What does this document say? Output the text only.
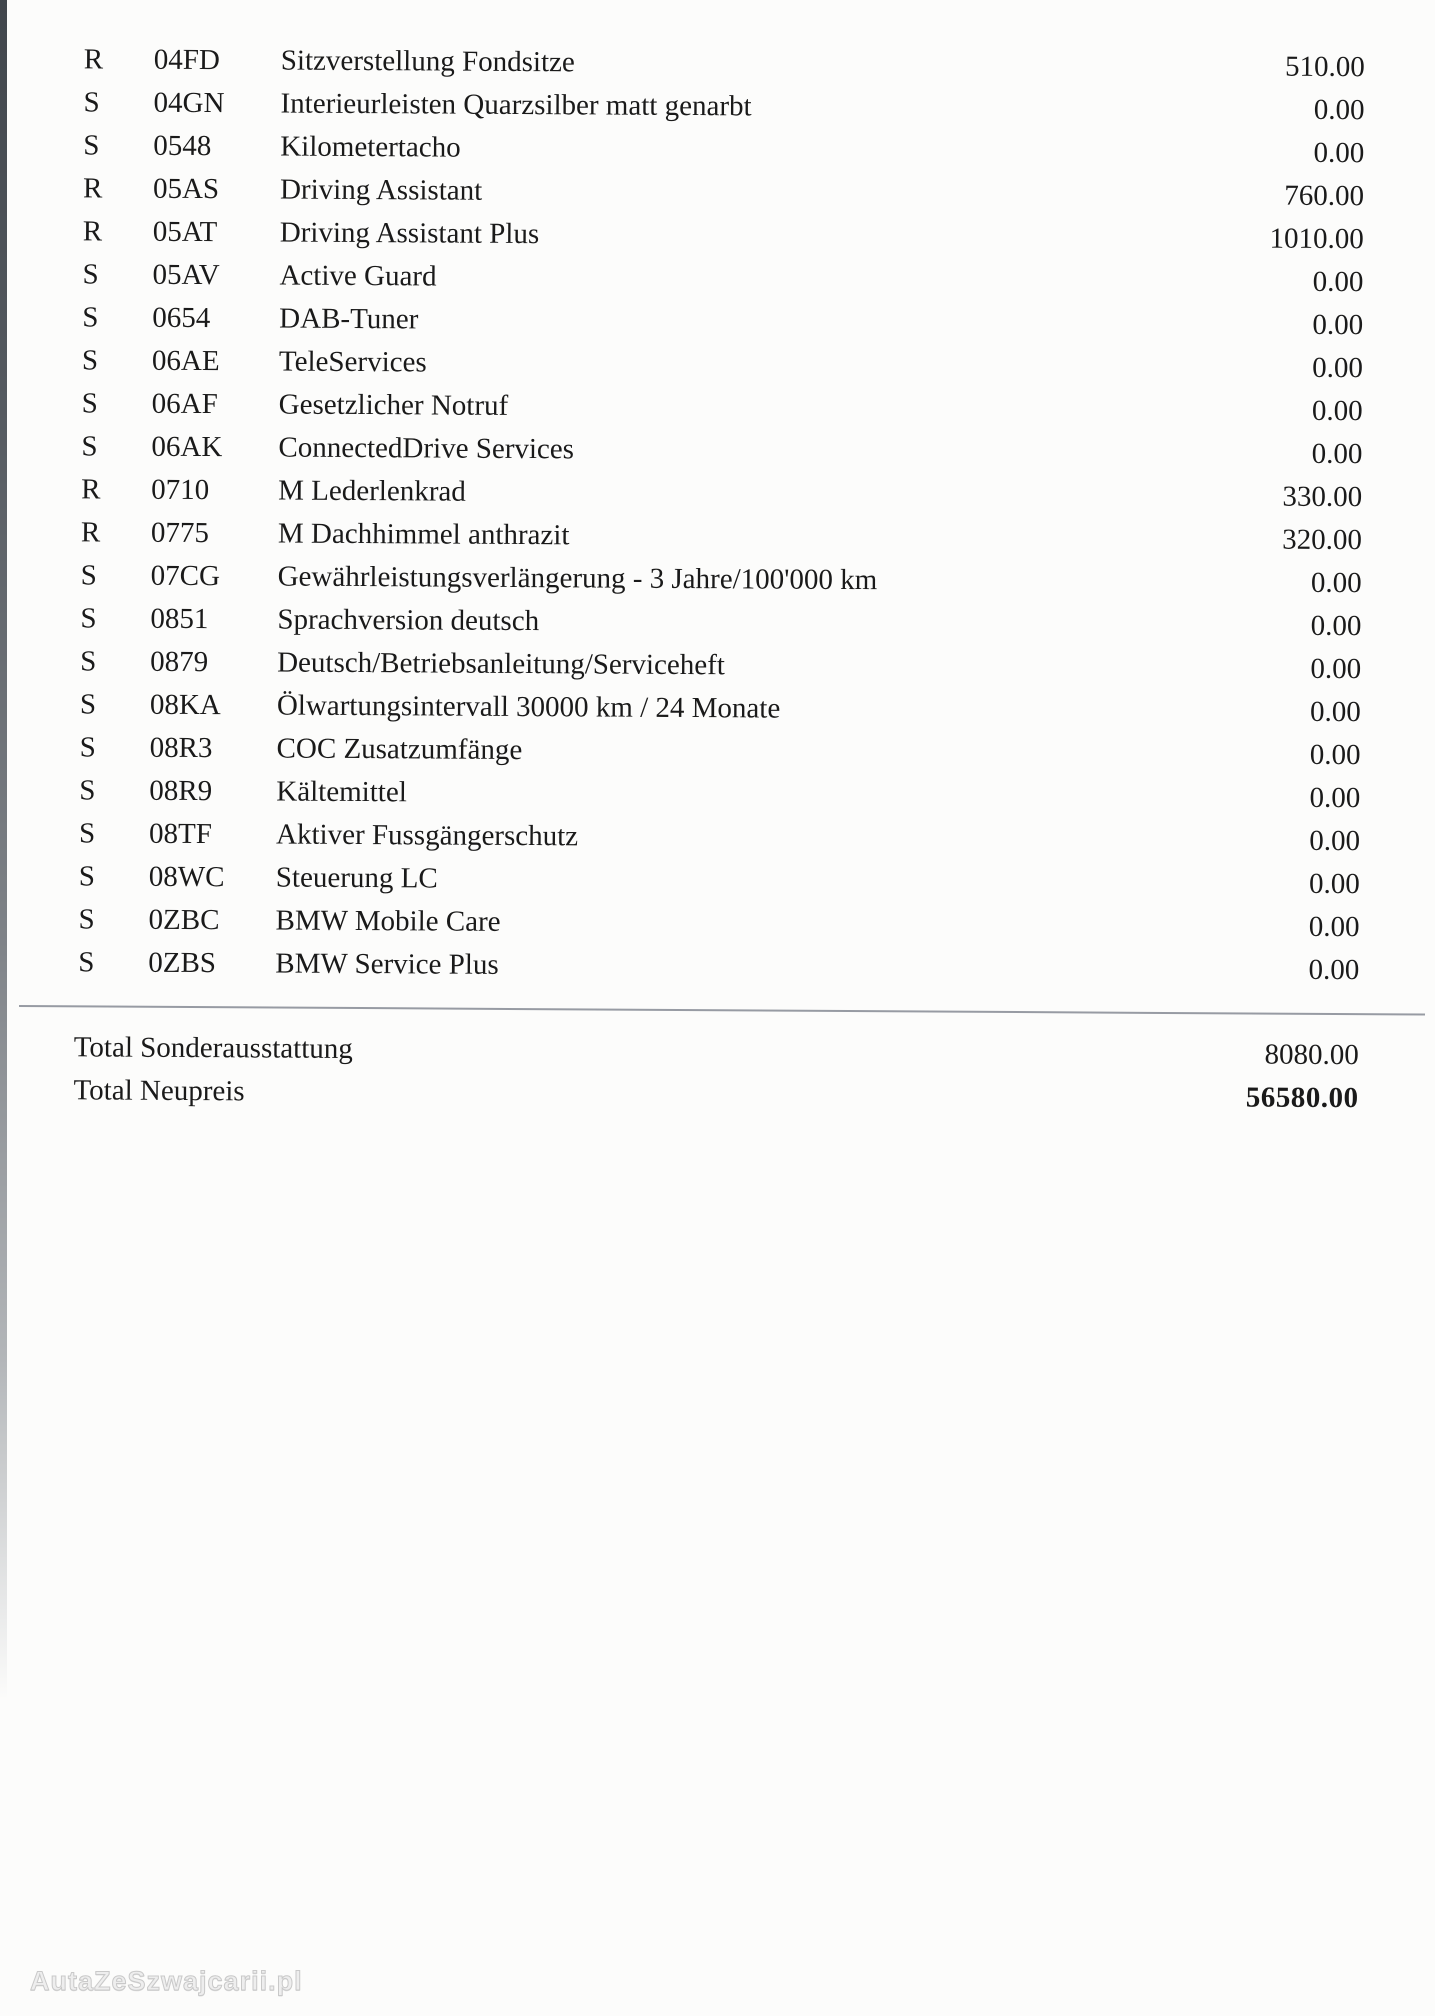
R	04FD	Sitzverstellung Fondsitze	510.00
S	04GN	Interieurleisten Quarzsilber matt genarbt	0.00
S	0548	Kilometertacho	0.00
R	05AS	Driving Assistant	760.00
R	05AT	Driving Assistant Plus	1010.00
S	05AV	Active Guard	0.00
S	0654	DAB-Tuner	0.00
S	06AE	TeleServices	0.00
S	06AF	Gesetzlicher Notruf	0.00
S	06AK	ConnectedDrive Services	0.00
R	0710	M Lederlenkrad	330.00
R	0775	M Dachhimmel anthrazit	320.00
S	07CG	Gewährleistungsverlängerung - 3 Jahre/100'000 km	0.00
S	0851	Sprachversion deutsch	0.00
S	0879	Deutsch/Betriebsanleitung/Serviceheft	0.00
S	08KA	Ölwartungsintervall 30000 km / 24 Monate	0.00
S	08R3	COC Zusatzumfänge	0.00
S	08R9	Kältemittel	0.00
S	08TF	Aktiver Fussgängerschutz	0.00
S	08WC	Steuerung LC	0.00
S	0ZBC	BMW Mobile Care	0.00
S	0ZBS	BMW Service Plus	0.00
Total Sonderausstattung	8080.00
Total Neupreis	56580.00
AutaZeSzwajcarii.pl
